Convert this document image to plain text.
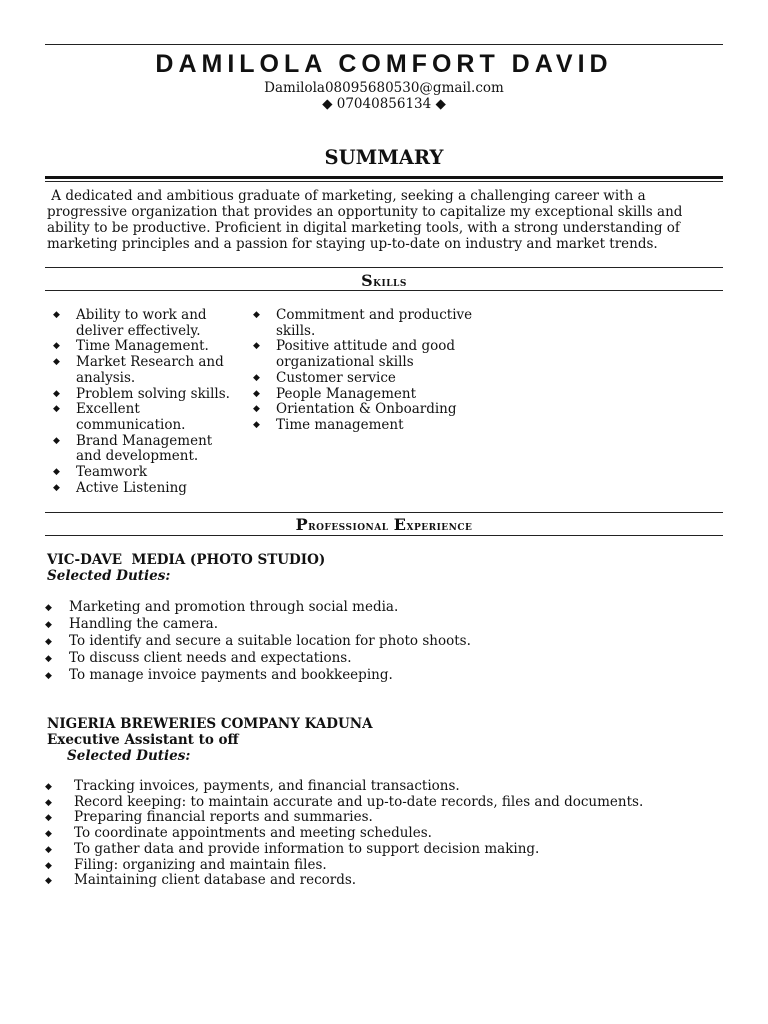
DAMILOLA COMFORT DAVID
Damilola08095680530@gmail.com
◆ 07040856134 ◆
SUMMARY
A dedicated and ambitious graduate of marketing, seeking a challenging career with a
progressive organization that provides an opportunity to capitalize my exceptional skills and
ability to be productive. Proficient in digital marketing tools, with a strong understanding of
marketing principles and a passion for staying up-to-date on industry and market trends.
Skills
◆ Ability to work and deliver effectively.
◆ Time Management.
◆ Market Research and analysis.
◆ Problem solving skills.
◆ Excellent communication.
◆ Brand Management and development.
◆ Teamwork
◆ Active Listening
◆ Commitment and productive skills.
◆ Positive attitude and good organizational skills
◆ Customer service
◆ People Management
◆ Orientation & Onboarding
◆ Time management
Professional Experience
VIC-DAVE  MEDIA (PHOTO STUDIO)
Selected Duties:
◆ Marketing and promotion through social media.
◆ Handling the camera.
◆ To identify and secure a suitable location for photo shoots.
◆ To discuss client needs and expectations.
◆ To manage invoice payments and bookkeeping.
NIGERIA BREWERIES COMPANY KADUNA
Executive Assistant to off
Selected Duties:
◆ Tracking invoices, payments, and financial transactions.
◆ Record keeping: to maintain accurate and up-to-date records, files and documents.
◆ Preparing financial reports and summaries.
◆ To coordinate appointments and meeting schedules.
◆ To gather data and provide information to support decision making.
◆ Filing: organizing and maintain files.
◆ Maintaining client database and records.
